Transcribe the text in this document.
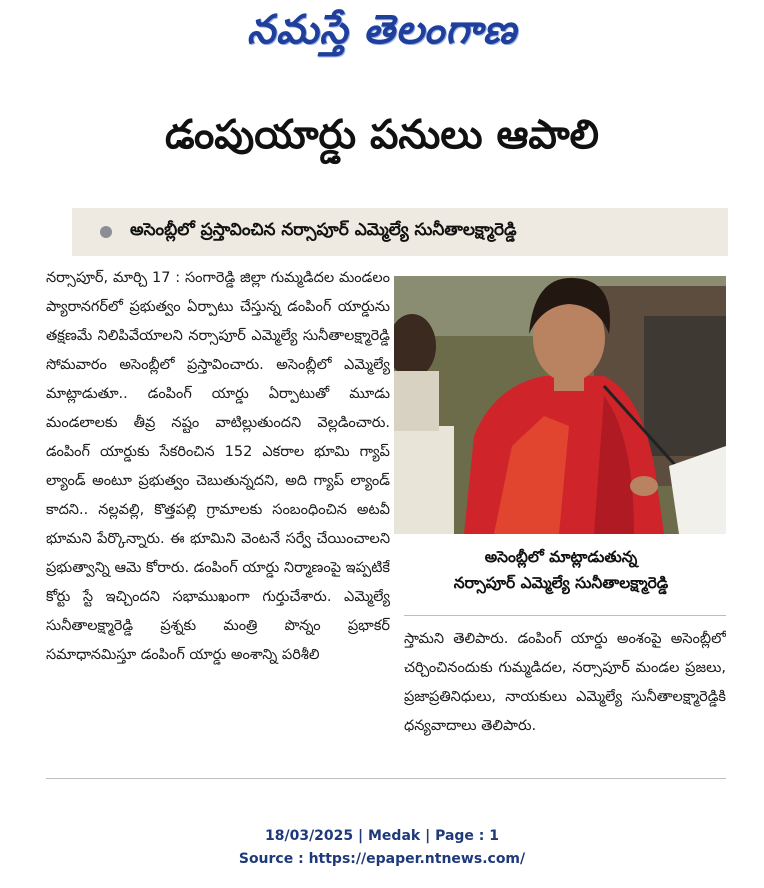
నమస్తే తెలంగాణ
డంపుయార్డు పనులు ఆపాలి
అసెంబ్లీలో ప్రస్తావించిన నర్సాపూర్ ఎమ్మెల్యే సునీతాలక్ష్మారెడ్డి
నర్సాపూర్, మార్చి 17 : సంగారెడ్డి జిల్లా గుమ్మడిదల మండలం ప్యారానగర్‌లో ప్రభుత్వం ఏర్పాటు చేస్తున్న డంపింగ్ యార్డును తక్షణమే నిలిపివేయాలని నర్సాపూర్ ఎమ్మెల్యే సునీతాలక్ష్మారెడ్డి సోమవారం అసెంబ్లీలో ప్రస్తావించారు. అసెంబ్లీలో ఎమ్మెల్యే మాట్లాడుతూ.. డంపింగ్ యార్డు ఏర్పాటుతో మూడు మండలాలకు తీవ్ర నష్టం వాటిల్లుతుందని వెల్లడించారు. డంపింగ్ యార్డుకు సేకరించిన 152 ఎకరాల భూమి గ్యాప్ ల్యాండ్ అంటూ ప్రభుత్వం చెబుతున్నదని, అది గ్యాప్ ల్యాండ్ కాదని.. నల్లవల్లి, కొత్తపల్లి గ్రామాలకు సంబంధించిన అటవీ భూమని పేర్కొన్నారు. ఈ భూమిని వెంటనే సర్వే చేయించాలని ప్రభుత్వాన్ని ఆమె కోరారు. డంపింగ్ యార్డు నిర్మాణంపై ఇప్పటికే కోర్టు స్టే ఇచ్చిందని సభాముఖంగా గుర్తుచేశారు. ఎమ్మెల్యే సునీతాలక్ష్మారెడ్డి ప్రశ్నకు మంత్రి పొన్నం ప్రభాకర్ సమాధానమిస్తూ డంపింగ్ యార్డు అంశాన్ని పరిశీలి
అసెంబ్లీలో మాట్లాడుతున్న
నర్సాపూర్ ఎమ్మెల్యే సునీతాలక్ష్మారెడ్డి
స్తామని తెలిపారు. డంపింగ్ యార్డు అంశంపై అసెంబ్లీలో చర్చించినందుకు గుమ్మడిదల, నర్సాపూర్ మండల ప్రజలు, ప్రజాప్రతినిధులు, నాయకులు ఎమ్మెల్యే సునీతాలక్ష్మారెడ్డికి ధన్యవాదాలు తెలిపారు.
18/03/2025 | Medak | Page : 1
Source : https://epaper.ntnews.com/
